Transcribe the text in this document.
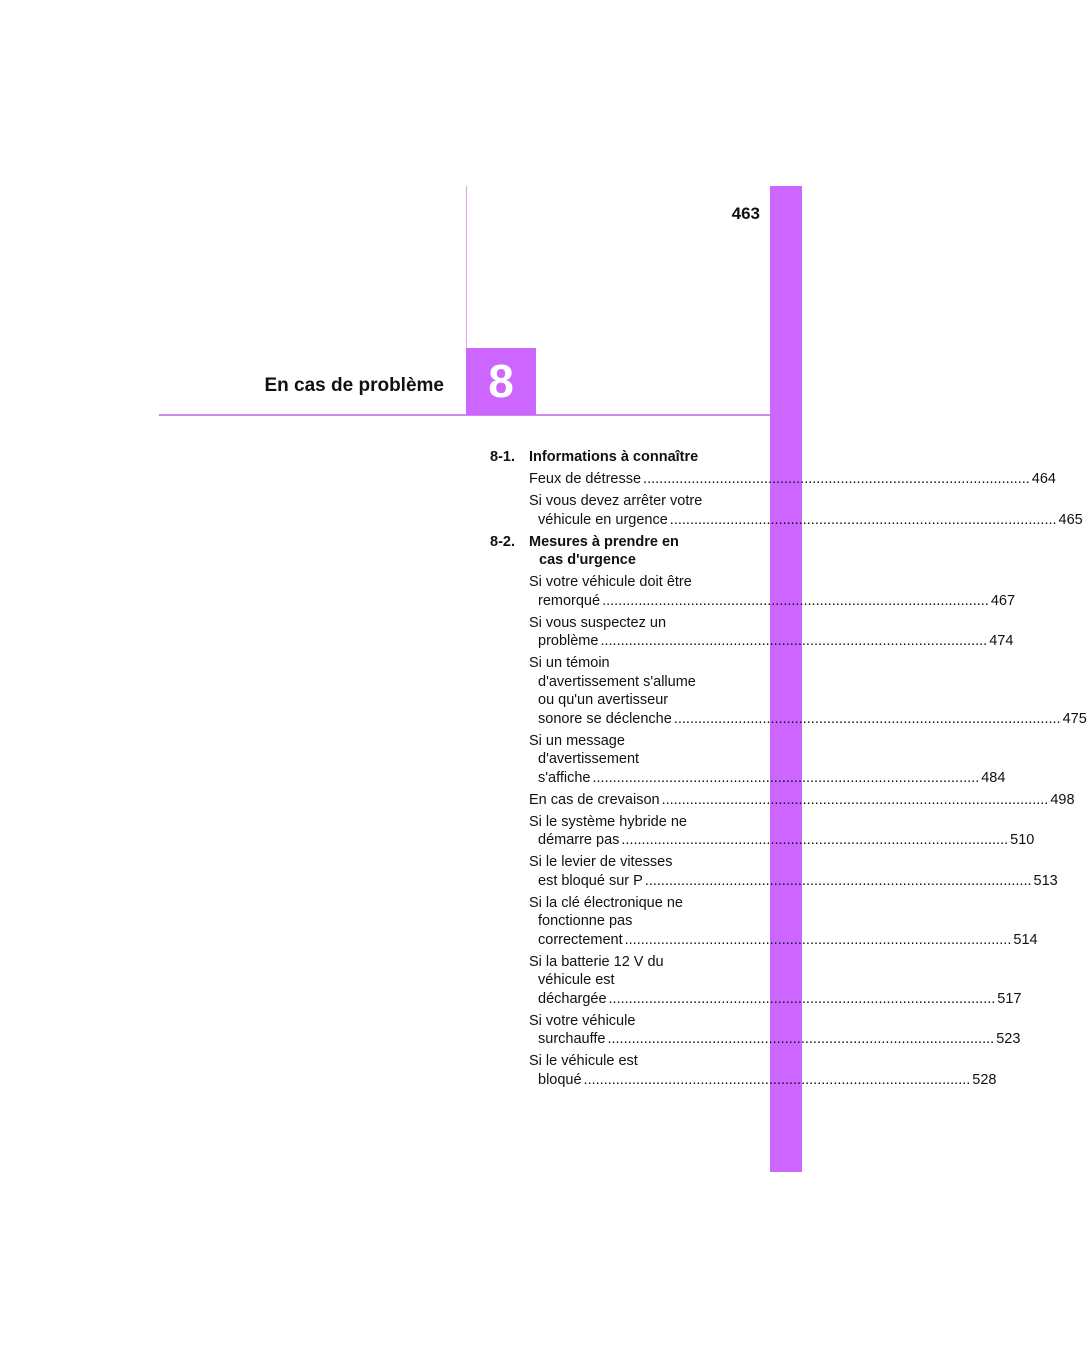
463
En cas de problème 8
8-1. Informations à connaître
Feux de détresse .....	464
Si vous devez arrêter votre
véhicule en urgence .....	465
8-2. Mesures à prendre en
cas d'urgence
Si votre véhicule doit être
remorqué .....	467
Si vous suspectez un
problème .....	474
Si un témoin
d'avertissement s'allume
ou qu'un avertisseur
sonore se déclenche .....	475
Si un message
d'avertissement
s'affiche .....	484
En cas de crevaison .....	498
Si le système hybride ne
démarre pas .....	510
Si le levier de vitesses
est bloqué sur P .....	513
Si la clé électronique ne
fonctionne pas
correctement .....	514
Si la batterie 12 V du
véhicule est
déchargée .....	517
Si votre véhicule
surchauffe .....	523
Si le véhicule est
bloqué .....	528
